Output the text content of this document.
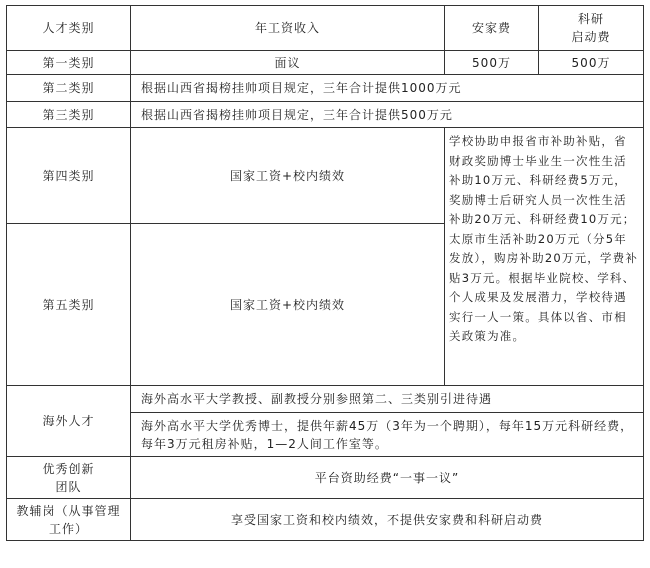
人才类别	年工资收入	安家费	科研
启动费

第一类别	面议	500万	500万
第二类别	根据山西省揭榜挂帅项目规定，三年合计提供1000万元		
第三类别	根据山西省揭榜挂帅项目规定，三年合计提供500万元		
第四类别	国家工资+校内绩效	学校协助申报省市补助补贴，省财政奖励博士毕业生一次性生活补助10万元、科研经费5万元，奖励博士后研究人员一次性生活补助20万元、科研经费10万元；太原市生活补助20万元（分5年发放），购房补助20万元，学费补贴3万元。根据毕业院校、学科、个人成果及发展潜力，学校待遇实行一人一策。具体以省、市相关政策为准。	
第五类别	国家工资+校内绩效		
海外人才	海外高水平大学教授、副教授分别参照第二、三类别引进待遇		
	海外高水平大学优秀博士，提供年薪45万（3年为一个聘期），每年15万元科研经费，每年3万元租房补贴，1—2人间工作室等。		

优秀创新
团队	平台资助经费“一事一议”		
教辅岗（从事管理工作）	享受国家工资和校内绩效，不提供安家费和科研启动费		
